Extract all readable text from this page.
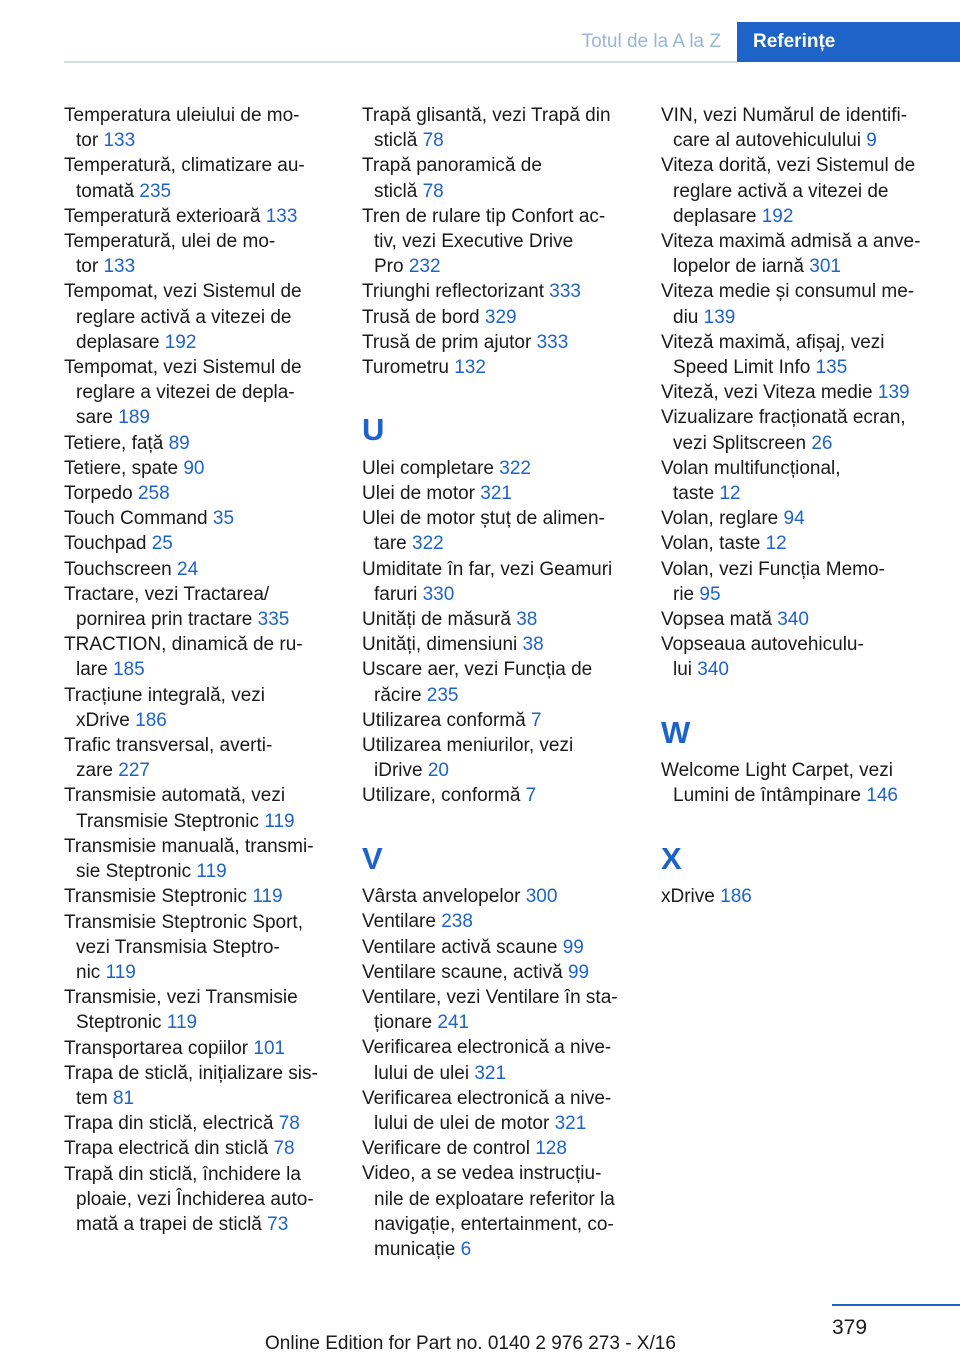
Totul de la A la Z	Referințe
Temperatura uleiului de mo-
tor 133
Temperatură, climatizare au-
tomată 235
Temperatură exterioară 133
Temperatură, ulei de mo-
tor 133
Tempomat, vezi Sistemul de
reglare activă a vitezei de
deplasare 192
Tempomat, vezi Sistemul de
reglare a vitezei de depla-
sare 189
Tetiere, față 89
Tetiere, spate 90
Torpedo 258
Touch Command 35
Touchpad 25
Touchscreen 24
Tractare, vezi Tractarea/
pornirea prin tractare 335
TRACTION, dinamică de ru-
lare 185
Tracțiune integrală, vezi
xDrive 186
Trafic transversal, averti-
zare 227
Transmisie automată, vezi
Transmisie Steptronic 119
Transmisie manuală, transmi-
sie Steptronic 119
Transmisie Steptronic 119
Transmisie Steptronic Sport,
vezi Transmisia Steptro-
nic 119
Transmisie, vezi Transmisie
Steptronic 119
Transportarea copiilor 101
Trapa de sticlă, inițializare sis-
tem 81
Trapa din sticlă, electrică 78
Trapa electrică din sticlă 78
Trapă din sticlă, închidere la
ploaie, vezi Închiderea auto-
mată a trapei de sticlă 73
Trapă glisantă, vezi Trapă din
sticlă 78
Trapă panoramică de
sticlă 78
Tren de rulare tip Confort ac-
tiv, vezi Executive Drive
Pro 232
Triunghi reflectorizant 333
Trusă de bord 329
Trusă de prim ajutor 333
Turometru 132
U
Ulei completare 322
Ulei de motor 321
Ulei de motor ștuț de alimen-
tare 322
Umiditate în far, vezi Geamuri
faruri 330
Unități de măsură 38
Unități, dimensiuni 38
Uscare aer, vezi Funcția de
răcire 235
Utilizarea conformă 7
Utilizarea meniurilor, vezi
iDrive 20
Utilizare, conformă 7
V
Vârsta anvelopelor 300
Ventilare 238
Ventilare activă scaune 99
Ventilare scaune, activă 99
Ventilare, vezi Ventilare în sta-
ționare 241
Verificarea electronică a nive-
lului de ulei 321
Verificarea electronică a nive-
lului de ulei de motor 321
Verificare de control 128
Video, a se vedea instrucțiu-
nile de exploatare referitor la
navigație, entertainment, co-
municație 6
VIN, vezi Numărul de identifi-
care al autovehiculului 9
Viteza dorită, vezi Sistemul de
reglare activă a vitezei de
deplasare 192
Viteza maximă admisă a anve-
lopelor de iarnă 301
Viteza medie și consumul me-
diu 139
Viteză maximă, afișaj, vezi
Speed Limit Info 135
Viteză, vezi Viteza medie 139
Vizualizare fracționată ecran,
vezi Splitscreen 26
Volan multifuncțional,
taste 12
Volan, reglare 94
Volan, taste 12
Volan, vezi Funcția Memo-
rie 95
Vopsea mată 340
Vopseaua autovehiculu-
lui 340
W
Welcome Light Carpet, vezi
Lumini de întâmpinare 146
X
xDrive 186
379
Online Edition for Part no. 0140 2 976 273 - X/16
